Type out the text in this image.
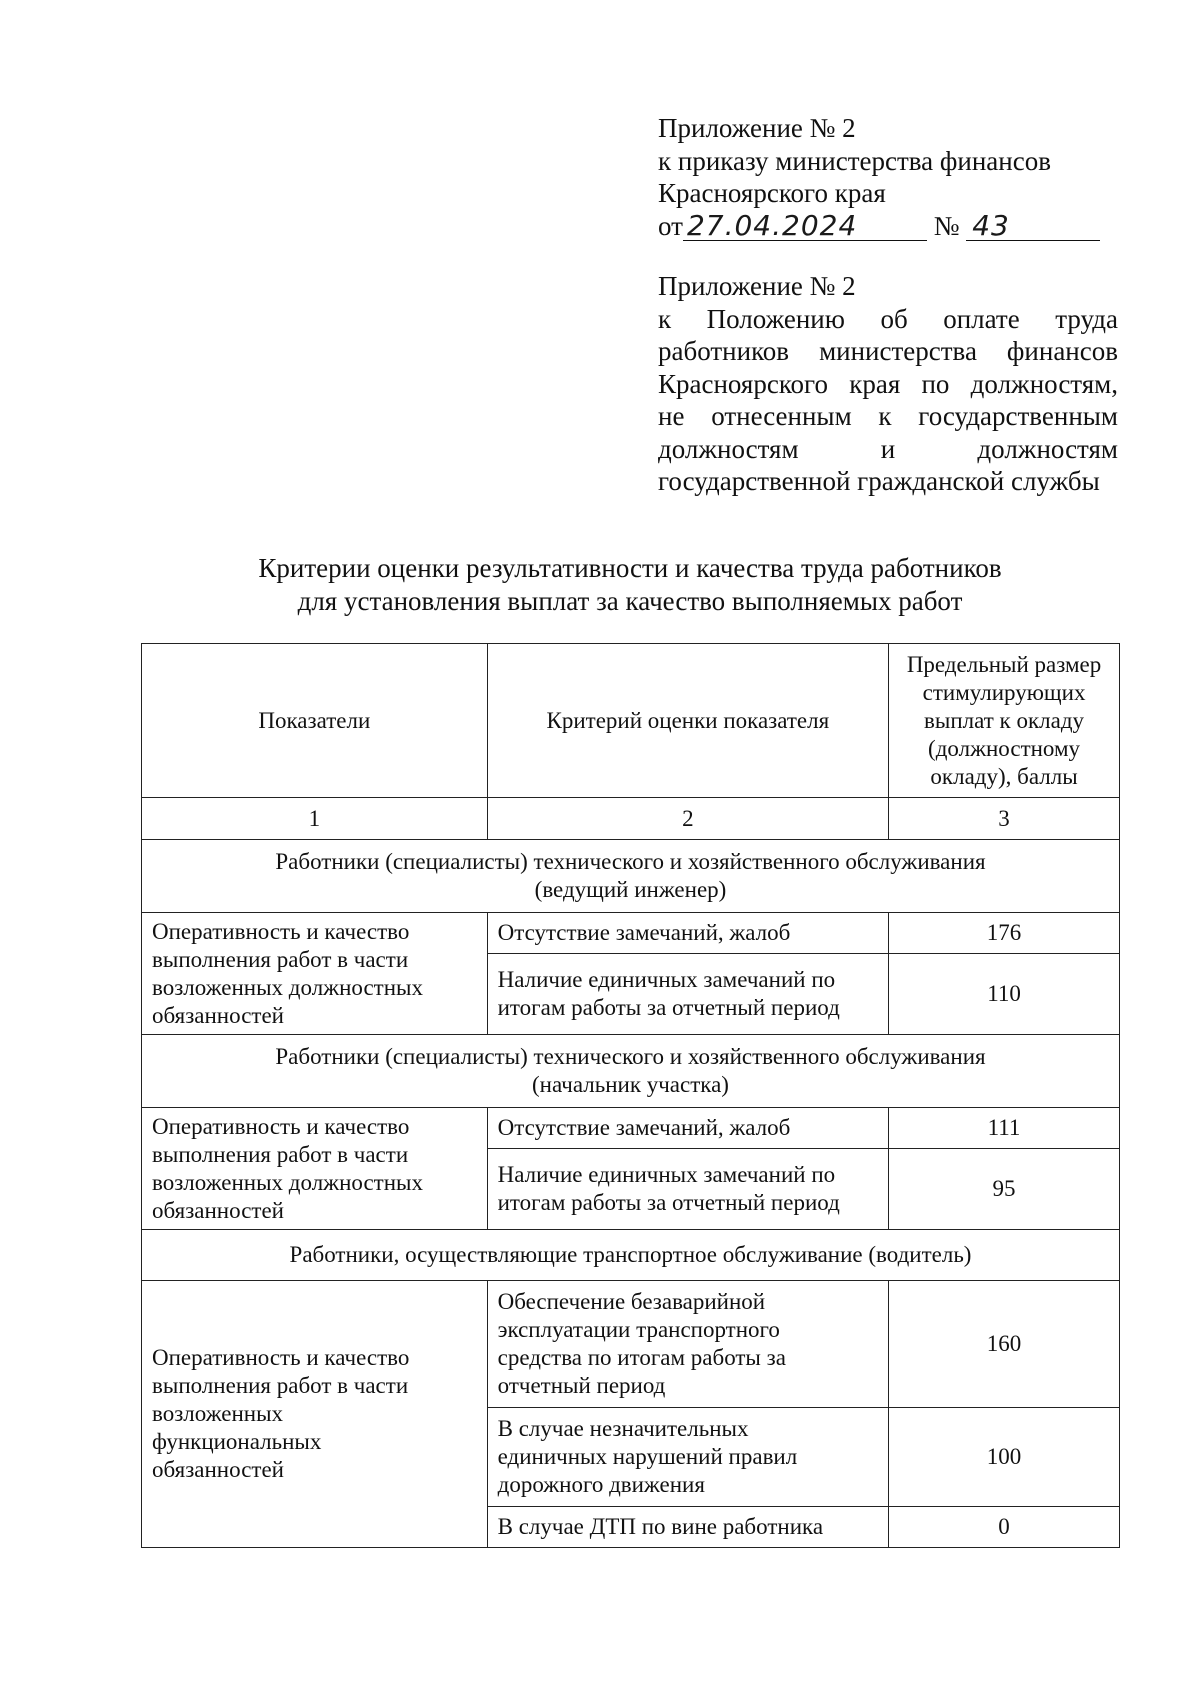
Приложение № 2
к приказу министерства финансов
Красноярского края
от 27.04.2024	№ 43
Приложение № 2
к Положению об оплате труда
работников министерства финансов
Красноярского края по должностям,
не отнесенным к государственным
должностям и должностям
государственной гражданской службы
Критерии оценки результативности и качества труда работников
для установления выплат за качество выполняемых работ
Показатели	Критерий оценки показателя	Предельный размер
стимулирующих
выплат к окладу
(должностному
окладу), баллы

1	2	3

Работники (специалисты) технического и хозяйственного обслуживания
(ведущий инженер)		

Оперативность и качество
выполнения работ в части
возложенных должностных
обязанностей	Отсутствие замечаний, жалоб	176

	Наличие единичных замечаний по
итогам работы за отчетный период	110

Работники (специалисты) технического и хозяйственного обслуживания
(начальник участка)		

Оперативность и качество
выполнения работ в части
возложенных должностных
обязанностей	Отсутствие замечаний, жалоб	111

	Наличие единичных замечаний по
итогам работы за отчетный период	95

Работники, осуществляющие транспортное обслуживание (водитель)		

Оперативность и качество
выполнения работ в части
возложенных
функциональных
обязанностей	Обеспечение безаварийной
эксплуатации транспортного
средства по итогам работы за
отчетный период	160

	В случае незначительных
единичных нарушений правил
дорожного движения	100

	В случае ДТП по вине работника	0
